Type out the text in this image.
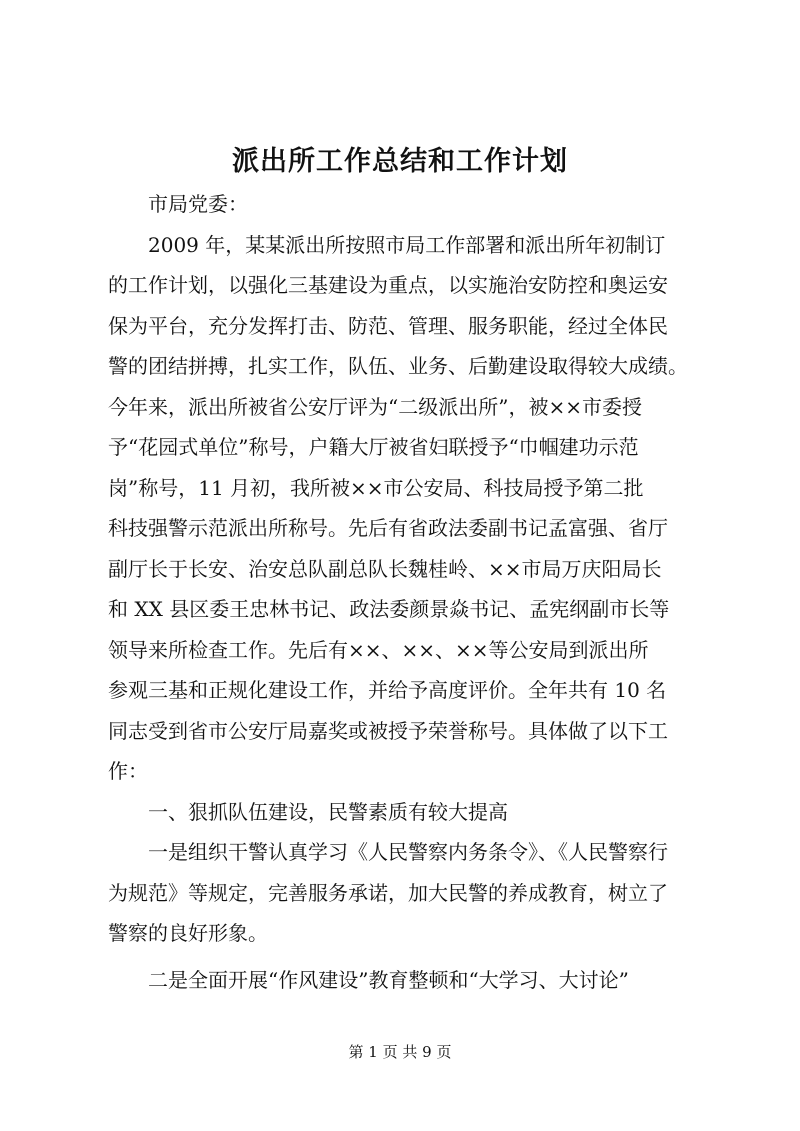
派出所工作总结和工作计划
市局党委：
2009 年，某某派出所按照市局工作部署和派出所年初制订
的工作计划，以强化三基建设为重点，以实施治安防控和奥运安
保为平台，充分发挥打击、防范、管理、服务职能，经过全体民
警的团结拼搏，扎实工作，队伍、业务、后勤建设取得较大成绩。
今年来，派出所被省公安厅评为“二级派出所”，被××市委授
予“花园式单位”称号，户籍大厅被省妇联授予“巾帼建功示范
岗”称号，11 月初，我所被××市公安局、科技局授予第二批
科技强警示范派出所称号。先后有省政法委副书记孟富强、省厅
副厅长于长安、治安总队副总队长魏桂岭、××市局万庆阳局长
和 XX 县区委王忠林书记、政法委颜景焱书记、孟宪纲副市长等
领导来所检查工作。先后有××、××、××等公安局到派出所
参观三基和正规化建设工作，并给予高度评价。全年共有 10 名
同志受到省市公安厅局嘉奖或被授予荣誉称号。具体做了以下工
作：
一、狠抓队伍建设，民警素质有较大提高
一是组织干警认真学习《人民警察内务条令》、《人民警察行
为规范》等规定，完善服务承诺，加大民警的养成教育，树立了
警察的良好形象。
二是全面开展“作风建设”教育整顿和“大学习、大讨论”
第 1 页 共 9 页
